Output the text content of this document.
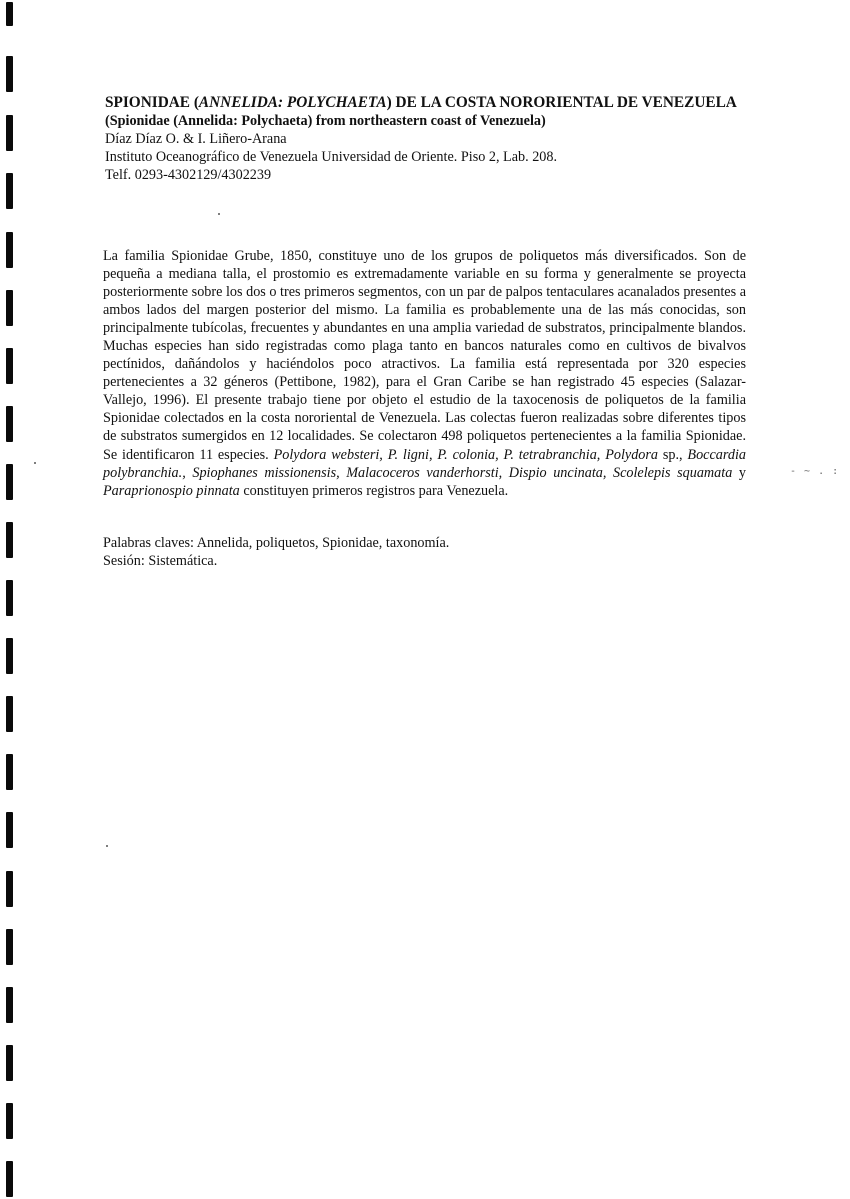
SPIONIDAE (ANNELIDA: POLYCHAETA) DE LA COSTA NORORIENTAL DE VENEZUELA

(Spionidae (Annelida: Polychaeta) from northeastern coast of Venezuela)

Díaz Díaz O. & I. Liñero-Arana

Instituto Oceanográfico de Venezuela Universidad de Oriente. Piso 2, Lab. 208.

Telf. 0293-4302129/4302239

La familia Spionidae Grube, 1850, constituye uno de los grupos de poliquetos más diversificados. Son de pequeña a mediana talla, el prostomio es extremadamente variable en su forma y generalmente se proyecta posteriormente sobre los dos o tres primeros segmentos, con un par de palpos tentaculares acanalados presentes a ambos lados del margen posterior del mismo. La familia es probablemente una de las más conocidas, son principalmente tubícolas, frecuentes y abundantes en una amplia variedad de substratos, principalmente blandos. Muchas especies han sido registradas como plaga tanto en bancos naturales como en cultivos de bivalvos pectínidos, dañándolos y haciéndolos poco atractivos. La familia está representada por 320 especies pertenecientes a 32 géneros (Pettibone, 1982), para el Gran Caribe se han registrado 45 especies (Salazar-Vallejo, 1996). El presente trabajo tiene por objeto el estudio de la taxocenosis de poliquetos de la familia Spionidae colectados en la costa nororiental de Venezuela. Las colectas fueron realizadas sobre diferentes tipos de substratos sumergidos en 12 localidades. Se colectaron 498 poliquetos pertenecientes a la familia Spionidae. Se identificaron 11 especies. Polydora websteri, P. ligni, P. colonia, P. tetrabranchia, Polydora sp., Boccardia polybranchia., Spiophanes missionensis, Malacoceros vanderhorsti, Dispio uncinata, Scolelepis squamata y Paraprionospio pinnata constituyen primeros registros para Venezuela.

Palabras claves: Annelida, poliquetos, Spionidae, taxonomía.

Sesión: Sistemática.

- ~ . :
